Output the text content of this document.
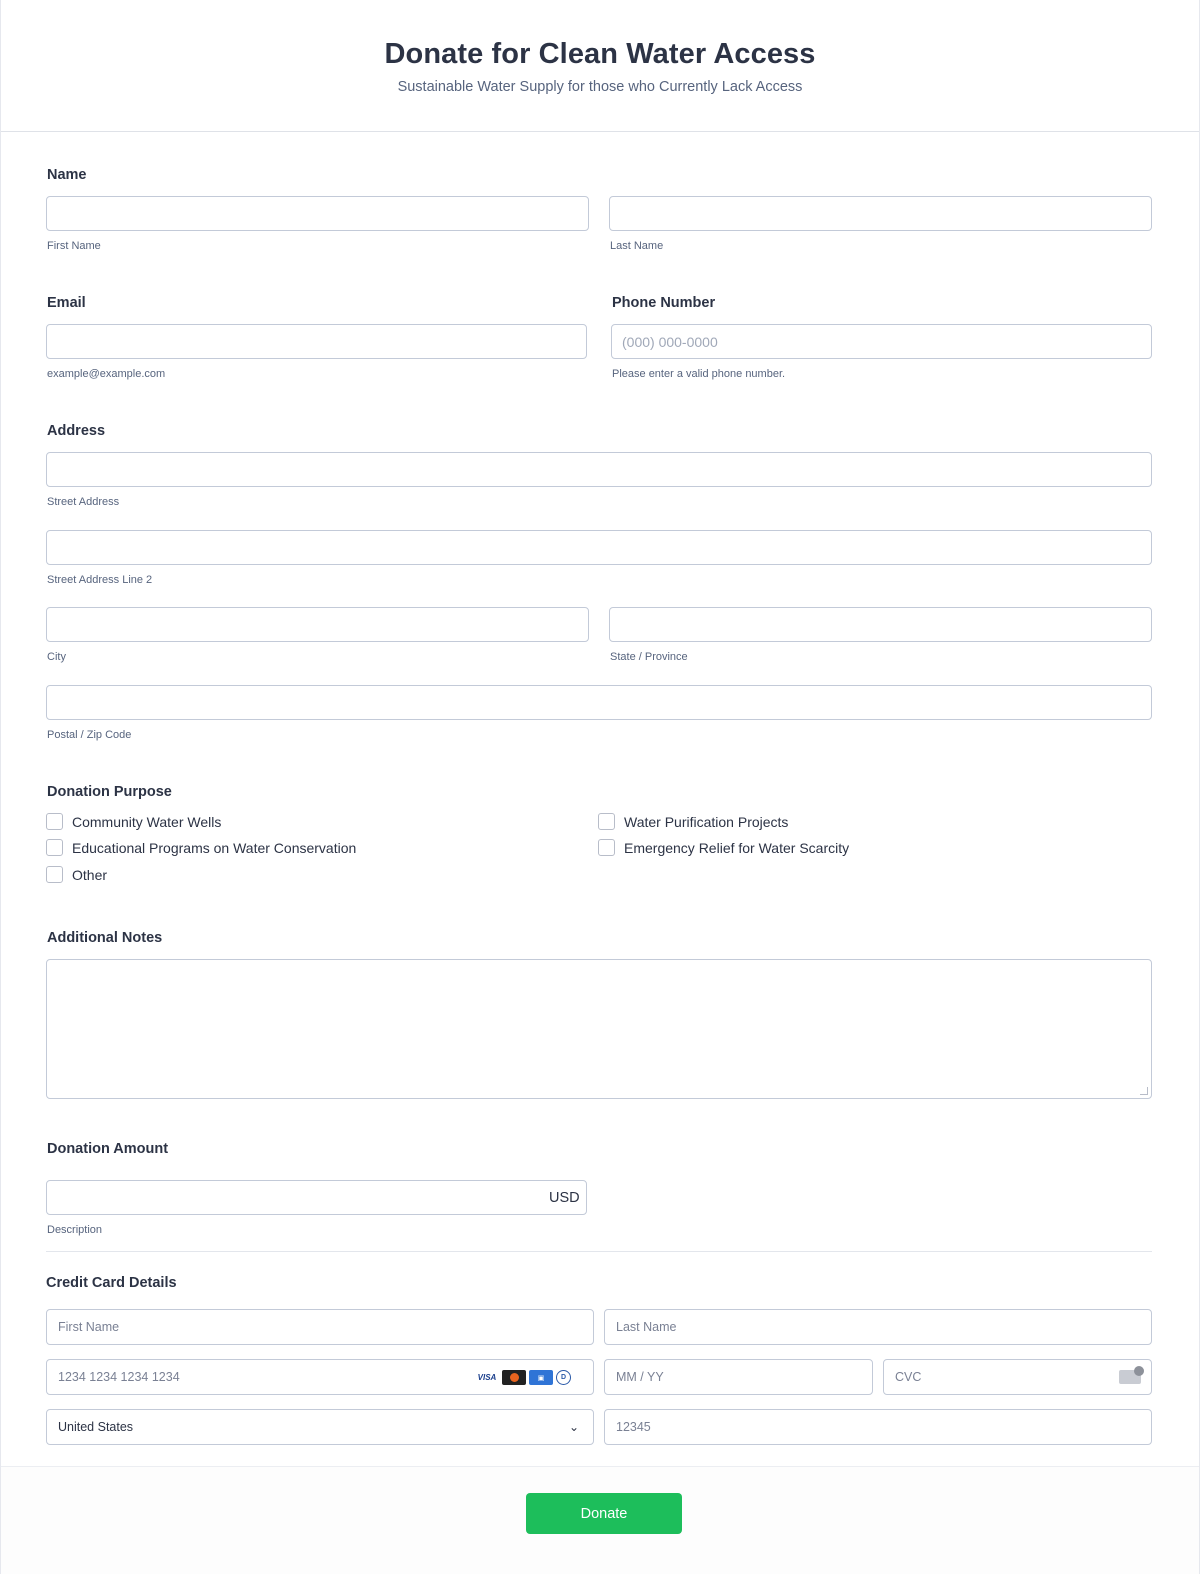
Donate for Clean Water Access
Sustainable Water Supply for those who Currently Lack Access
Name
First Name	Last Name
Email
example@example.com
Phone Number
(000) 000-0000
Please enter a valid phone number.
Address
Street Address
Street Address Line 2
City	State / Province
Postal / Zip Code
Donation Purpose
Community Water Wells	Water Purification Projects
Educational Programs on Water Conservation	Emergency Relief for Water Scarcity
Other
Additional Notes
Donation Amount
USD
Description
Credit Card Details
First Name	Last Name
1234 1234 1234 1234	VISA	▣	D	MM / YY	CVC
United States	⌄	12345
Donate
